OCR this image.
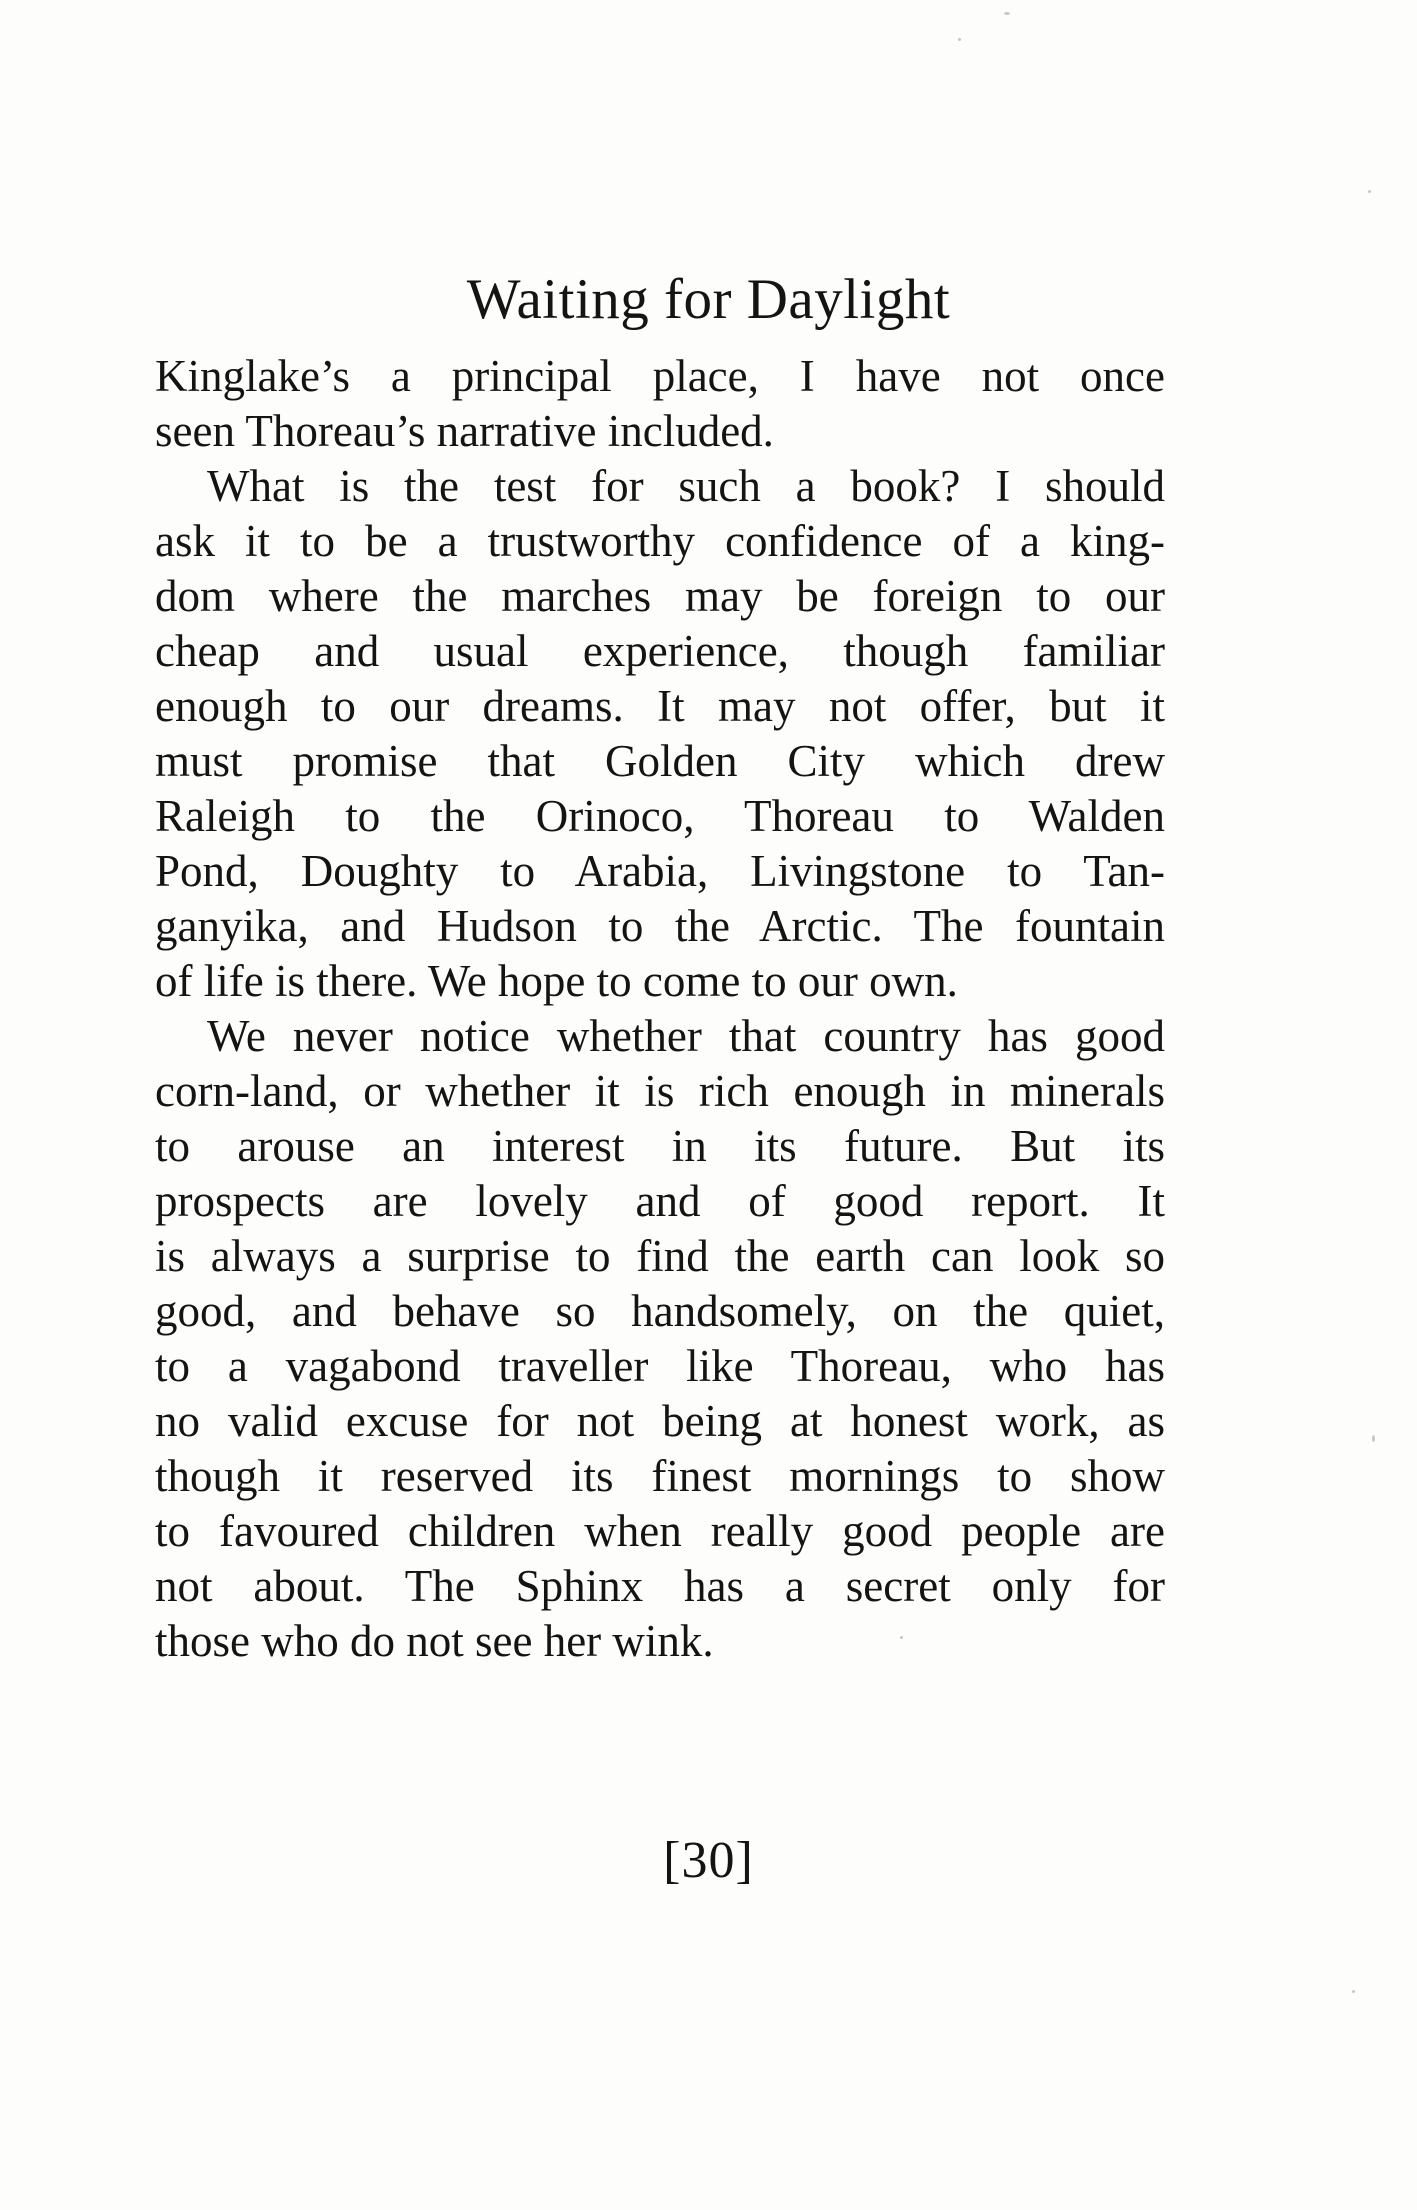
Waiting for Daylight
Kinglake’s a principal place, I have not once
seen Thoreau’s narrative included.
What is the test for such a book? I should
ask it to be a trustworthy confidence of a king-
dom where the marches may be foreign to our
cheap and usual experience, though familiar
enough to our dreams. It may not offer, but it
must promise that Golden City which drew
Raleigh to the Orinoco, Thoreau to Walden
Pond, Doughty to Arabia, Livingstone to Tan-
ganyika, and Hudson to the Arctic. The fountain
of life is there. We hope to come to our own.
We never notice whether that country has good
corn-land, or whether it is rich enough in minerals
to arouse an interest in its future. But its
prospects are lovely and of good report. It
is always a surprise to find the earth can look so
good, and behave so handsomely, on the quiet,
to a vagabond traveller like Thoreau, who has
no valid excuse for not being at honest work, as
though it reserved its finest mornings to show
to favoured children when really good people are
not about. The Sphinx has a secret only for
those who do not see her wink.
[30]
